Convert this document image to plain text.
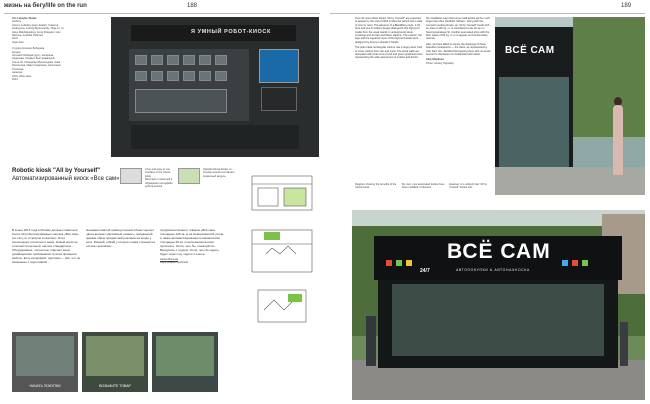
жизнь на бегу/life on the run	188	189
Art: Lebedev Studio
Authors:
Artemy Lebedev (team leader), Katerina
Andreyeva, Ludmig Bystrovandy, Olga Lo, In-
tusko Makhalyadova, Anna Pospelov, Ivan
Niknova, Anatolia Tikhonov
client
Vape Sion
Студия Артемия Лебедева
авторы
Артемий Лебедев (рук.), Катерина
Андреева, Людмил Быстрованской,
Ольга Ло, Исмирида Мухалыдова, Анна
Поспелова, Иван Сидоренко, Анастасия
Тихонова
заказчик
ООО «Все сам»
2014
Я УМНЫЙ РОБОТ-КИОСК
A fun and easy to use interface of the robotic kiosk
Веселый и понятный в обращении интерфейс робота-киоска
Standard kiosk kiosks, to...
Основу киоска составляет сервисный модуль
Robotic kiosk "All by Yourself"
Автоматизированный киоск «Все сам»
В конце 2015 года в Москве должны появиться более 20 роботизированных киосков «Все сам» (по-тату, м. Стагиров в сжатом), 10 на пешеходных (пилотных) зонах. Новый киоск не отличается пыльной, как все стандартные... Оборудование, полностью отвечает всем дизайнерским требованиям лучших примеров работы. Есть интерфейс, картинки — всё, что не связанные с подготовкой...
Незамысловатый прямоугольный объем черного цвета венчает массивный «навес», придающий зданию образ предметной рекламы на входе у сети. Ровный, гибкий у которого ниже стенный на «сетке» возникает...
продовольственных товаров «Всё сам» площадью 126 кв. м на Новорязанской улице, а также автоматизированного магазинчика площадью 60 кв. м на Комсомольском проспекте. Ушли, чего бы, пожалуйста... Вернулись с трудом. Ушли, чего бы ждать, будет через год, ходите и ешьте...
Арина Вильчак
Вера Водной Фурбской
НАЧАТЬ ПОКУПКИ	ВОЗЬМИТЕ ТОВАР
Over 20 new robotic kiosks "All by Yourself" are expected to appear by the end of 2015 in Moscow (which has a total of nine by now). The advance of a BlackBerry-style, 2.23 here and one 9 modern design distinguish this high-tech model from the usual stands in underground street crossings and at train and Metro stations. The exterior, the logo and the signature style of the high-tech kiosk were designed by Artemy Lebedev's Studio.
The plain black rectangular volume has a huge panel, built to cover visitors from rain and snow. The kiosk walls are decorated with pixel icons of red and green graphical icons representing the wide assortment of snacks and drinks.
the installation says that some retail kiosks will be much larger than their standard "fellows". Along with the compact vending kiosks, an "All by Yourself" booth with an area of 126 sq. m. is considered to be set up on Novoryazanskaya St. Another automated shop with the floor space of 60 sq. m. is to appear on Komsomolsky Avenue.
Alas, we have failed to secure the drawings of these beautiful contraptions — the client, as represented by Vsio Sam Ltd., decided that keeping them with us would amount to disclosure of confidential information.
Irina Shipilova
Photo: Andrey Tagodsky
Diagram showing the benefits of the robotic kiosk
My own, nice automated kiosks have been installed in Moscow
However, it is unlikely that "All by Yourself" kiosks will...
ВСЁ САМ
ВСЁ САМ
24/7	АВТОПОКУПКИ & АВТОНАЧНОСКА
